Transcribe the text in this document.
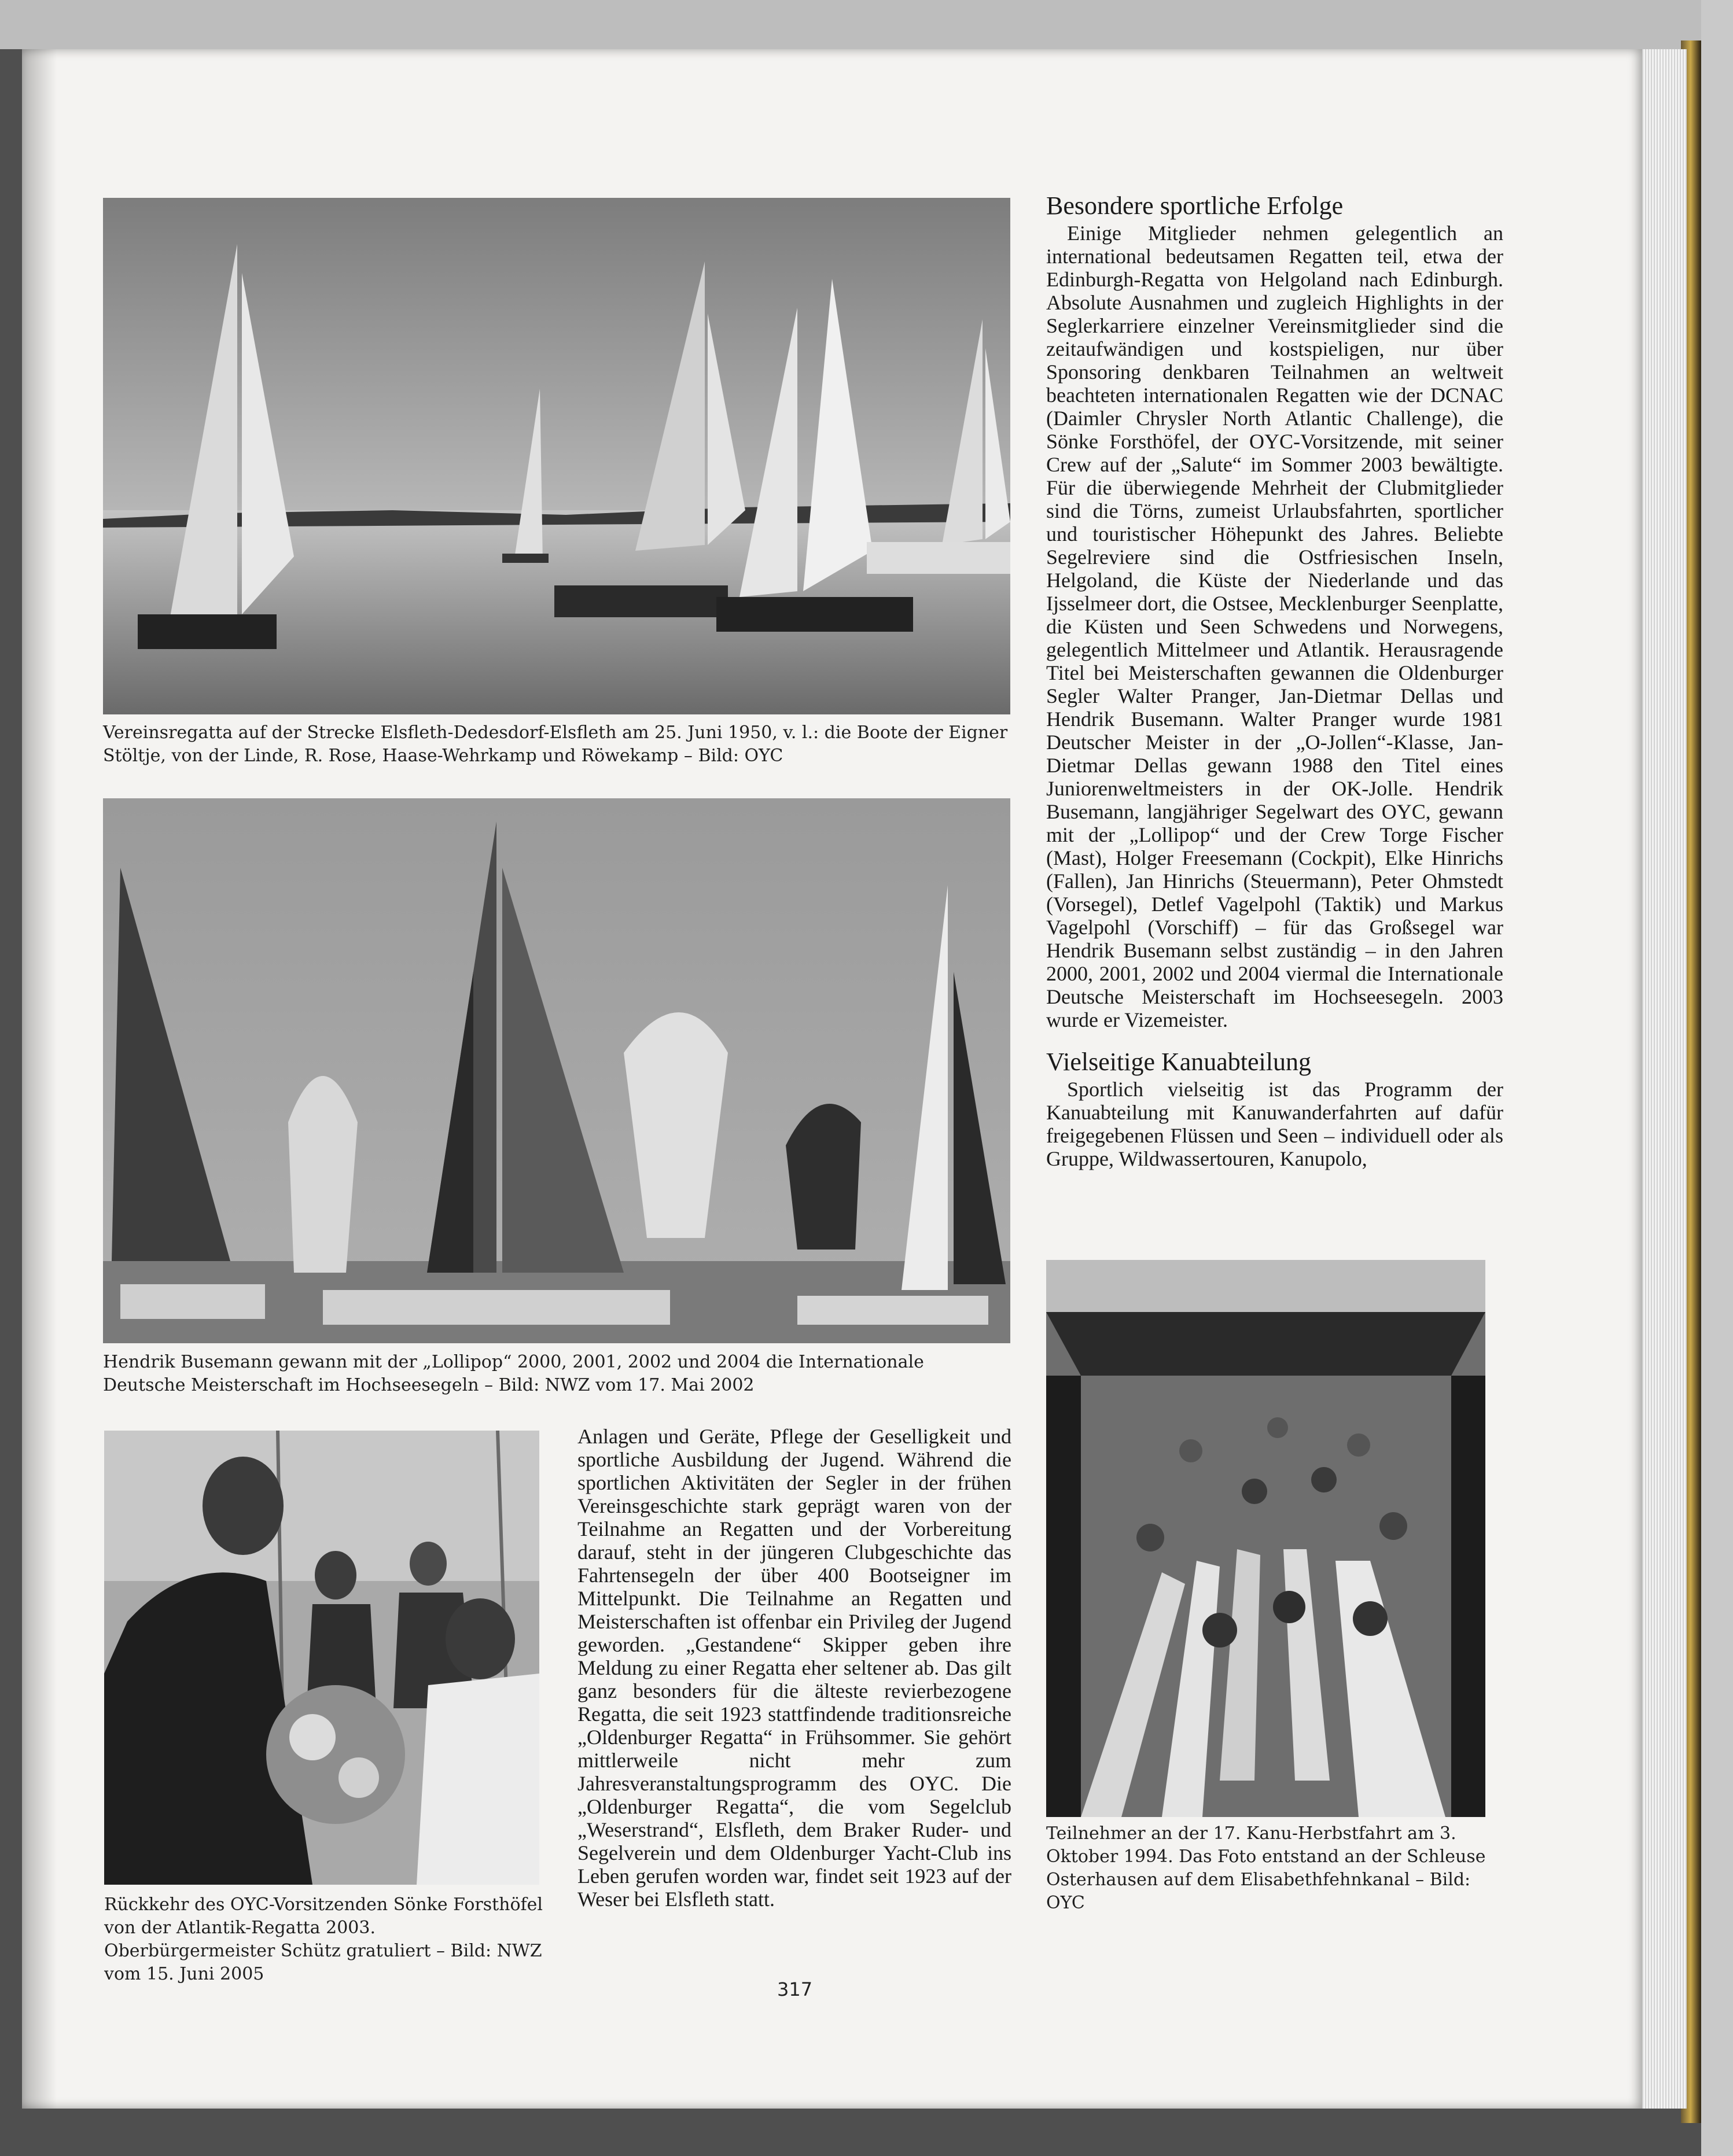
Vereinsregatta auf der Strecke Elsfleth-Dedesdorf-Elsfleth am 25. Juni 1950, v. l.: die Boote der Eigner Stöltje, von der Linde, R. Rose, Haase-Wehrkamp und Röwekamp – Bild: OYC

Hendrik Busemann gewann mit der „Lollipop“ 2000, 2001, 2002 und 2004 die Internationale Deutsche Meisterschaft im Hochseesegeln – Bild: NWZ vom 17. Mai 2002

Rückkehr des OYC-Vorsitzenden Sönke Forsthöfel von der Atlantik-Regatta 2003. Oberbürgermeister Schütz gratuliert – Bild: NWZ vom 15. Juni 2005

Anlagen und Geräte, Pflege der Geselligkeit und sportliche Ausbildung der Jugend. Während die sportlichen Aktivitäten der Segler in der frühen Vereinsgeschichte stark geprägt waren von der Teilnahme an Regatten und der Vorbereitung darauf, steht in der jüngeren Clubgeschichte das Fahrtensegeln der über 400 Bootseigner im Mittelpunkt. Die Teilnahme an Regatten und Meisterschaften ist offenbar ein Privileg der Jugend geworden. „Gestandene“ Skipper geben ihre Meldung zu einer Regatta eher seltener ab. Das gilt ganz besonders für die älteste revierbezogene Regatta, die seit 1923 stattfindende traditionsreiche „Oldenburger Regatta“ in Frühsommer. Sie gehört mittlerweile nicht mehr zum Jahresveranstaltungsprogramm des OYC. Die „Oldenburger Regatta“, die vom Segelclub „Weserstrand“, Elsfleth, dem Braker Ruder- und Segelverein und dem Oldenburger Yacht-Club ins Leben gerufen worden war, findet seit 1923 auf der Weser bei Elsfleth statt.

Besondere sportliche Erfolge

Einige Mitglieder nehmen gelegentlich an international bedeutsamen Regatten teil, etwa der Edinburgh-Regatta von Helgoland nach Edinburgh. Absolute Ausnahmen und zugleich Highlights in der Seglerkarriere einzelner Vereinsmitglieder sind die zeitaufwändigen und kostspieligen, nur über Sponsoring denkbaren Teilnahmen an weltweit beachteten internationalen Regatten wie der DCNAC (Daimler Chrysler North Atlantic Challenge), die Sönke Forsthöfel, der OYC-Vorsitzende, mit seiner Crew auf der „Salute“ im Sommer 2003 bewältigte. Für die überwiegende Mehrheit der Clubmitglieder sind die Törns, zumeist Urlaubsfahrten, sportlicher und touristischer Höhepunkt des Jahres. Beliebte Segelreviere sind die Ostfriesischen Inseln, Helgoland, die Küste der Niederlande und das Ijsselmeer dort, die Ostsee, Mecklenburger Seenplatte, die Küsten und Seen Schwedens und Norwegens, gelegentlich Mittelmeer und Atlantik. Herausragende Titel bei Meisterschaften gewannen die Oldenburger Segler Walter Pranger, Jan-Dietmar Dellas und Hendrik Busemann. Walter Pranger wurde 1981 Deutscher Meister in der „O-Jollen“-Klasse, Jan-Dietmar Dellas gewann 1988 den Titel eines Juniorenweltmeisters in der OK-Jolle. Hendrik Busemann, langjähriger Segelwart des OYC, gewann mit der „Lollipop“ und der Crew Torge Fischer (Mast), Holger Freesemann (Cockpit), Elke Hinrichs (Fallen), Jan Hinrichs (Steuermann), Peter Ohmstedt (Vorsegel), Detlef Vagelpohl (Taktik) und Markus Vagelpohl (Vorschiff) – für das Großsegel war Hendrik Busemann selbst zuständig – in den Jahren 2000, 2001, 2002 und 2004 viermal die Internationale Deutsche Meisterschaft im Hochseesegeln. 2003 wurde er Vizemeister.

Vielseitige Kanuabteilung

Sportlich vielseitig ist das Programm der Kanuabteilung mit Kanuwanderfahrten auf dafür freigegebenen Flüssen und Seen – individuell oder als Gruppe, Wildwassertouren, Kanupolo,

Teilnehmer an der 17. Kanu-Herbstfahrt am 3. Oktober 1994. Das Foto entstand an der Schleuse Osterhausen auf dem Elisabethfehnkanal – Bild: OYC

317
